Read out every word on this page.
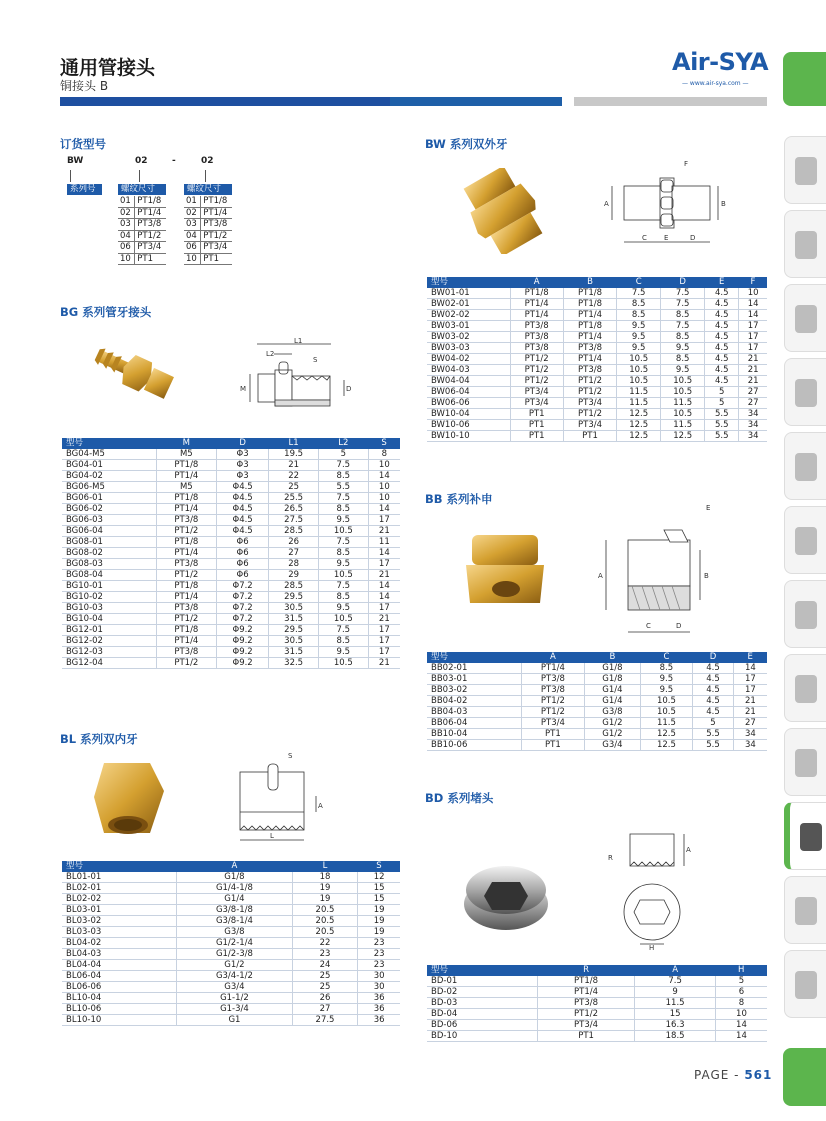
通用管接头
铜接头 B
Air-SYA
— www.air-sya.com —
订货型号
BW	02	-	02
系列号	螺纹尺寸	螺纹尺寸
01	PT1/8
02	PT1/4
03	PT3/8
04	PT1/2
06	PT3/4
10	PT1
01	PT1/8
02	PT1/4
03	PT3/8
04	PT1/2
06	PT3/4
10	PT1
BG 系列管牙接头
L1
L2
S
M	D
型号	M	D	L1	L2	S
BG04-M5	M5	Φ3	19.5	5	8
BG04-01	PT1/8	Φ3	21	7.5	10
BG04-02	PT1/4	Φ3	22	8.5	14
BG06-M5	M5	Φ4.5	25	5.5	10
BG06-01	PT1/8	Φ4.5	25.5	7.5	10
BG06-02	PT1/4	Φ4.5	26.5	8.5	14
BG06-03	PT3/8	Φ4.5	27.5	9.5	17
BG06-04	PT1/2	Φ4.5	28.5	10.5	21
BG08-01	PT1/8	Φ6	26	7.5	11
BG08-02	PT1/4	Φ6	27	8.5	14
BG08-03	PT3/8	Φ6	28	9.5	17
BG08-04	PT1/2	Φ6	29	10.5	21
BG10-01	PT1/8	Φ7.2	28.5	7.5	14
BG10-02	PT1/4	Φ7.2	29.5	8.5	14
BG10-03	PT3/8	Φ7.2	30.5	9.5	17
BG10-04	PT1/2	Φ7.2	31.5	10.5	21
BG12-01	PT1/8	Φ9.2	29.5	7.5	17
BG12-02	PT1/4	Φ9.2	30.5	8.5	17
BG12-03	PT3/8	Φ9.2	31.5	9.5	17
BG12-04	PT1/2	Φ9.2	32.5	10.5	21
BL 系列双内牙
S
A
L
型号	A	L	S
BL01-01	G1/8	18	12
BL02-01	G1/4-1/8	19	15
BL02-02	G1/4	19	15
BL03-01	G3/8-1/8	20.5	19
BL03-02	G3/8-1/4	20.5	19
BL03-03	G3/8	20.5	19
BL04-02	G1/2-1/4	22	23
BL04-03	G1/2-3/8	23	23
BL04-04	G1/2	24	23
BL06-04	G3/4-1/2	25	30
BL06-06	G3/4	25	30
BL10-04	G1-1/2	26	36
BL10-06	G1-3/4	27	36
BL10-10	G1	27.5	36
BW 系列双外牙
F
A	B
C E	D
型号	A	B	C	D	E	F
BW01-01	PT1/8	PT1/8	7.5	7.5	4.5	10
BW02-01	PT1/4	PT1/8	8.5	7.5	4.5	14
BW02-02	PT1/4	PT1/4	8.5	8.5	4.5	14
BW03-01	PT3/8	PT1/8	9.5	7.5	4.5	17
BW03-02	PT3/8	PT1/4	9.5	8.5	4.5	17
BW03-03	PT3/8	PT3/8	9.5	9.5	4.5	17
BW04-02	PT1/2	PT1/4	10.5	8.5	4.5	21
BW04-03	PT1/2	PT3/8	10.5	9.5	4.5	21
BW04-04	PT1/2	PT1/2	10.5	10.5	4.5	21
BW06-04	PT3/4	PT1/2	11.5	10.5	5	27
BW06-06	PT3/4	PT3/4	11.5	11.5	5	27
BW10-04	PT1	PT1/2	12.5	10.5	5.5	34
BW10-06	PT1	PT3/4	12.5	11.5	5.5	34
BW10-10	PT1	PT1	12.5	12.5	5.5	34
BB 系列补申
E
A	B
C	D
型号	A	B	C	D	E
BB02-01	PT1/4	G1/8	8.5	4.5	14
BB03-01	PT3/8	G1/8	9.5	4.5	17
BB03-02	PT3/8	G1/4	9.5	4.5	17
BB04-02	PT1/2	G1/4	10.5	4.5	21
BB04-03	PT1/2	G3/8	10.5	4.5	21
BB06-04	PT3/4	G1/2	11.5	5	27
BB10-04	PT1	G1/2	12.5	5.5	34
BB10-06	PT1	G3/4	12.5	5.5	34
BD 系列堵头
R
A
H
型号	R	A	H
BD-01	PT1/8	7.5	5
BD-02	PT1/4	9	6
BD-03	PT3/8	11.5	8
BD-04	PT1/2	15	10
BD-06	PT3/4	16.3	14
BD-10	PT1	18.5	14
PAGE - 561
